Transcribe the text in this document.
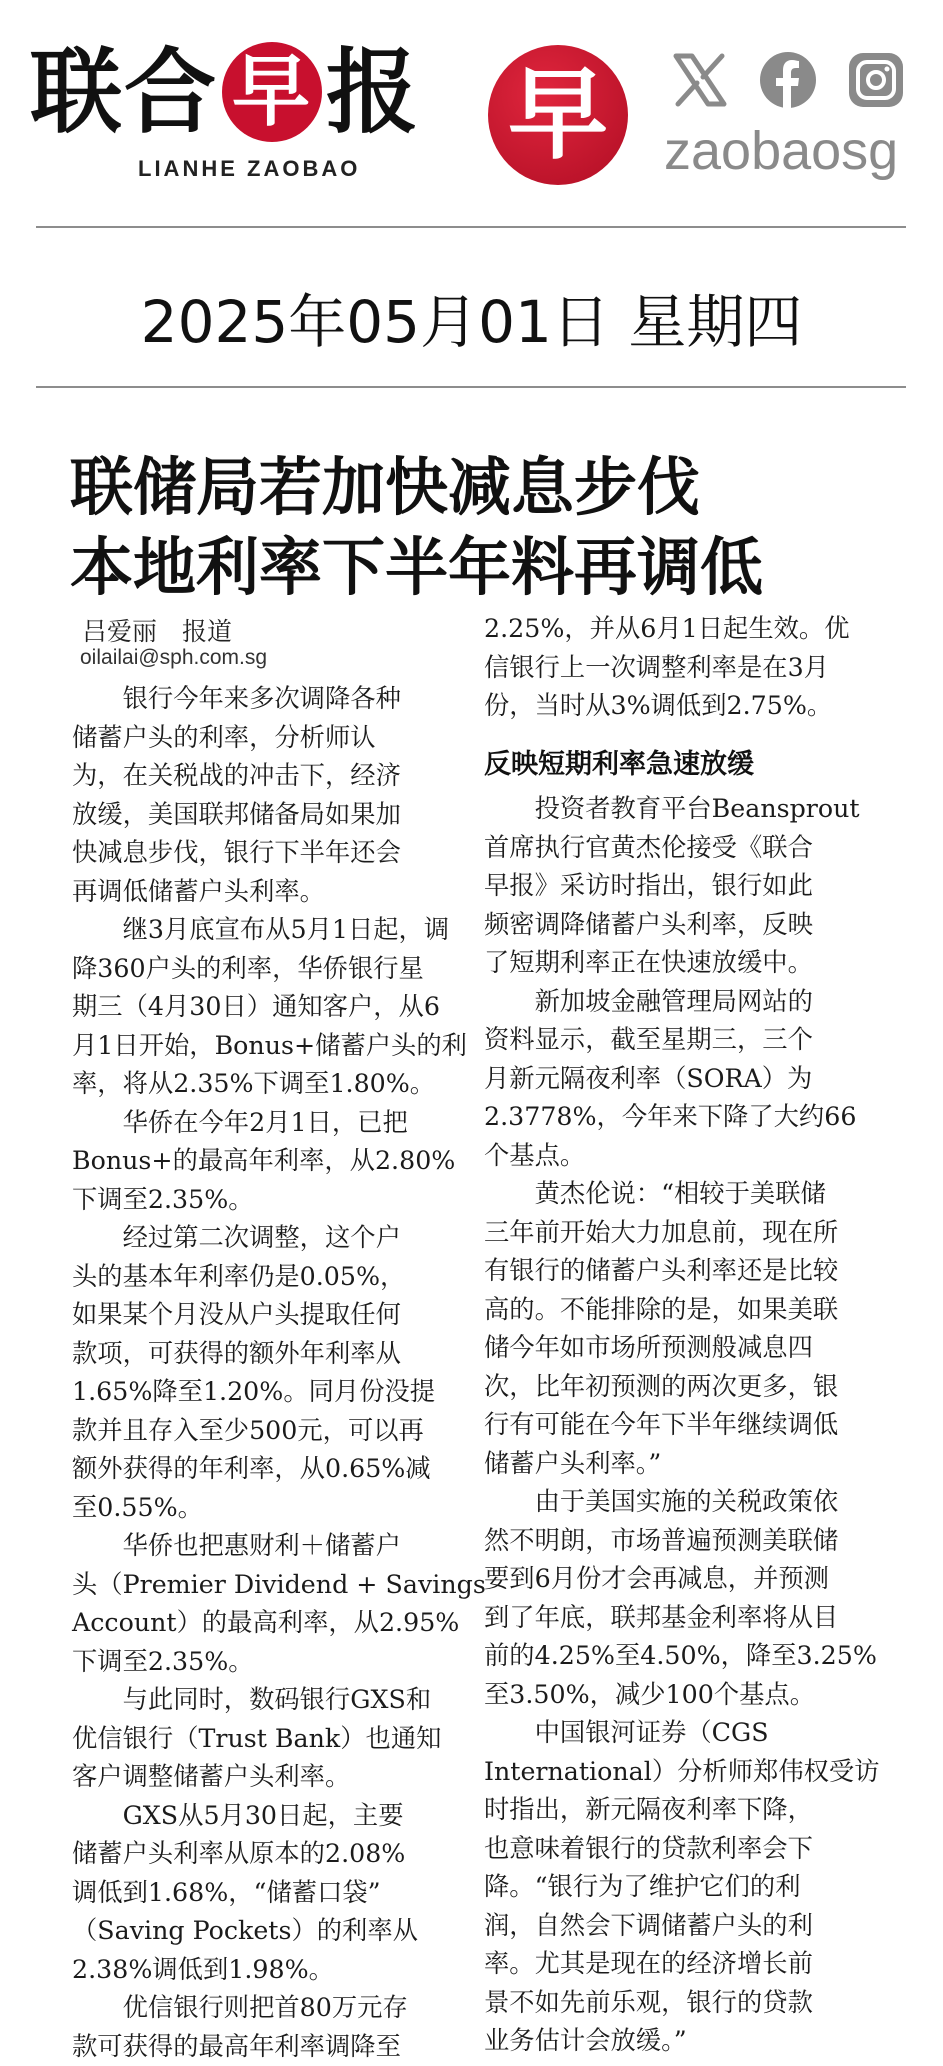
联合 早 报
LIANHE ZAOBAO 早	zaobaosg
2025年05月01日 星期四
联储局若加快减息步伐
本地利率下半年料再调低
吕爱丽　报道
oilailai@sph.com.sg
　　银行今年来多次调降各种
储蓄户头的利率，分析师认
为，在关税战的冲击下，经济
放缓，美国联邦储备局如果加
快减息步伐，银行下半年还会
再调低储蓄户头利率。
　　继3月底宣布从5月1日起，调
降360户头的利率，华侨银行星
期三（4月30日）通知客户，从6
月1日开始，Bonus+储蓄户头的利
率，将从2.35%下调至1.80%。
　　华侨在今年2月1日，已把
Bonus+的最高年利率，从2.80%
下调至2.35%。
　　经过第二次调整，这个户
头的基本年利率仍是0.05%，
如果某个月没从户头提取任何
款项，可获得的额外年利率从
1.65%降至1.20%。同月份没提
款并且存入至少500元，可以再
额外获得的年利率，从0.65%减
至0.55%。
　　华侨也把惠财利＋储蓄户
头（Premier Dividend + Savings
Account）的最高利率，从2.95%
下调至2.35%。
　　与此同时，数码银行GXS和
优信银行（Trust Bank）也通知
客户调整储蓄户头利率。
　　GXS从5月30日起，主要
储蓄户头利率从原本的2.08%
调低到1.68%，“储蓄口袋”
（Saving Pockets）的利率从
2.38%调低到1.98%。
　　优信银行则把首80万元存
款可获得的最高年利率调降至
2.25%，并从6月1日起生效。优
信银行上一次调整利率是在3月
份，当时从3%调低到2.75%。
反映短期利率急速放缓
　　投资者教育平台Beansprout
首席执行官黄杰伦接受《联合
早报》采访时指出，银行如此
频密调降储蓄户头利率，反映
了短期利率正在快速放缓中。
　　新加坡金融管理局网站的
资料显示，截至星期三，三个
月新元隔夜利率（SORA）为
2.3778%，今年来下降了大约66
个基点。
　　黄杰伦说：“相较于美联储
三年前开始大力加息前，现在所
有银行的储蓄户头利率还是比较
高的。不能排除的是，如果美联
储今年如市场所预测般减息四
次，比年初预测的两次更多，银
行有可能在今年下半年继续调低
储蓄户头利率。”
　　由于美国实施的关税政策依
然不明朗，市场普遍预测美联储
要到6月份才会再减息，并预测
到了年底，联邦基金利率将从目
前的4.25%至4.50%，降至3.25%
至3.50%，减少100个基点。
　　中国银河证券（CGS
International）分析师郑伟权受访
时指出，新元隔夜利率下降，
也意味着银行的贷款利率会下
降。“银行为了维护它们的利
润，自然会下调储蓄户头的利
率。尤其是现在的经济增长前
景不如先前乐观，银行的贷款
业务估计会放缓。”
